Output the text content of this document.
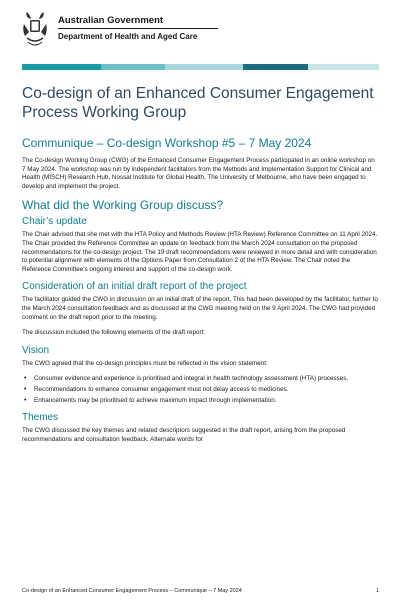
Australian Government
Department of Health and Aged Care
Co-design of an Enhanced Consumer Engagement Process Working Group
Communique – Co-design Workshop #5 – 7 May 2024

The Co-design Working Group (CWG) of the Enhanced Consumer Engagement Process participated in an online workshop on 7 May 2024. The workshop was run by independent facilitators from the Methods and Implementation Support for Clinical and Health (MISCH) Research Hub, Nossal Institute for Global Health, The University of Melbourne, who have been engaged to develop and implement the project.

What did the Working Group discuss?
Chair’s update

The Chair advised that she met with the HTA Policy and Methods Review (HTA Review) Reference Committee on 11 April 2024. The Chair provided the Reference Committee an update on feedback from the March 2024 consultation on the proposed recommendations for the co-design project. The 19 draft recommendations were reviewed in more detail and with consideration to potential alignment with elements of the Options Paper from Consultation 2 of the HTA Review. The Chair noted the Reference Committee’s ongoing interest and support of the co-design work.

Consideration of an initial draft report of the project

The facilitator guided the CWG in discussion on an initial draft of the report. This had been developed by the facilitator, further to the March 2024 consultation feedback and as discussed at the CWG meeting held on the 9 April 2024. The CWG had provided comment on the draft report prior to the meeting.

The discussion included the following elements of the draft report:

Vision

The CWG agreed that the co-design principles must be reflected in the vision statement:

• Consumer evidence and experience is prioritised and integral in health technology assessment (HTA) processes.
• Recommendations to enhance consumer engagement must not delay access to medicines.
• Enhancements may be prioritised to achieve maximum impact through implementation.
Themes

The CWG discussed the key themes and related descriptors suggested in the draft report, arising from the proposed recommendations and consultation feedback. Alternate words for

Co-design of an Enhanced Consumer Engagement Process – Communique – 7 May 2024	1
